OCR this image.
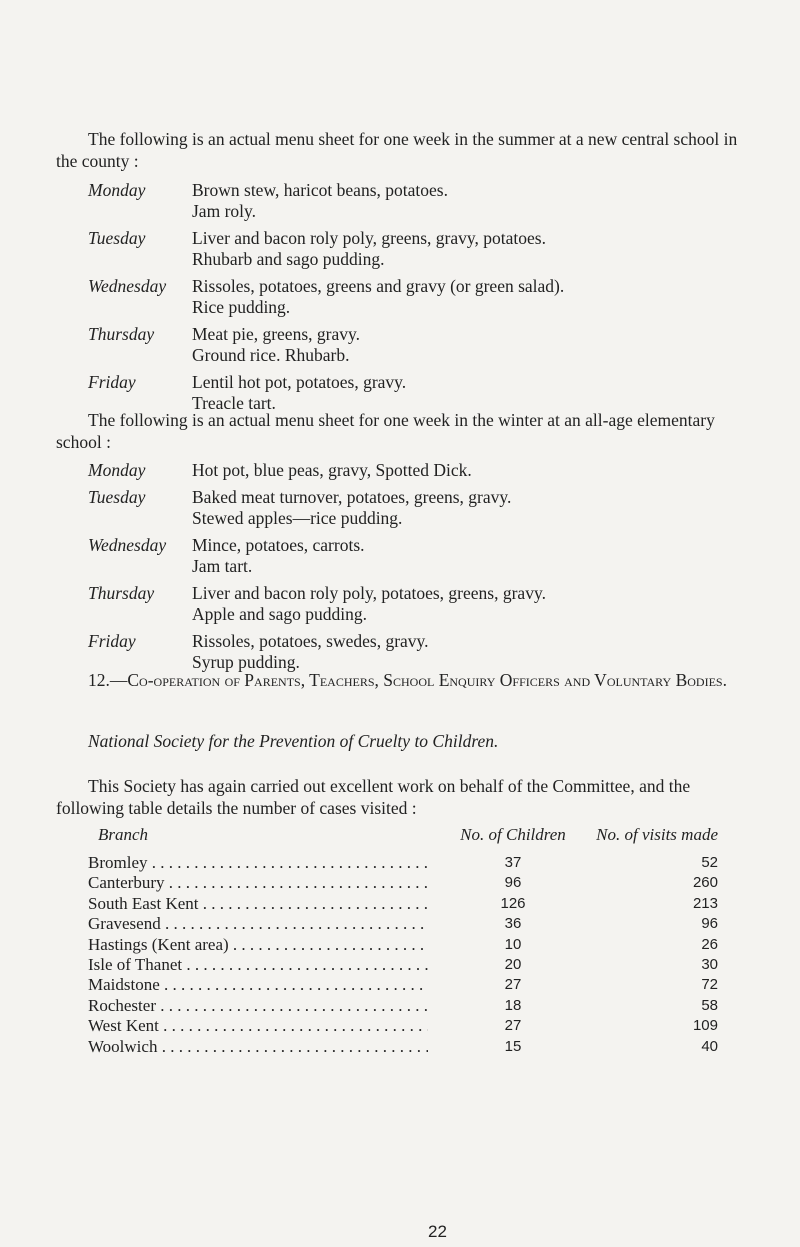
The following is an actual menu sheet for one week in the summer at a new central school in the county :

Monday	Brown stew, haricot beans, potatoes.
Jam roly.
Tuesday	Liver and bacon roly poly, greens, gravy, potatoes.
Rhubarb and sago pudding.
Wednesday	Rissoles, potatoes, greens and gravy (or green salad).
Rice pudding.
Thursday	Meat pie, greens, gravy.
Ground rice. Rhubarb.
Friday	Lentil hot pot, potatoes, gravy.
Treacle tart.

The following is an actual menu sheet for one week in the winter at an all-age elementary school :

Monday	Hot pot, blue peas, gravy, Spotted Dick.
Tuesday	Baked meat turnover, potatoes, greens, gravy.
Stewed apples—rice pudding.
Wednesday	Mince, potatoes, carrots.
Jam tart.
Thursday	Liver and bacon roly poly, potatoes, greens, gravy.
Apple and sago pudding.
Friday	Rissoles, potatoes, swedes, gravy.
Syrup pudding.

12.—Co-operation of Parents, Teachers, School Enquiry Officers and Voluntary Bodies.

National Society for the Prevention of Cruelty to Children.

This Society has again carried out excellent work on behalf of the Committee, and the following table details the number of cases visited :

Branch	No. of Children	No. of visits made

Bromley . . .	37	52

Canterbury . . .	96	260

South East Kent . . .	126	213

Gravesend . . .	36	96

Hastings (Kent area) . . .	10	26

Isle of Thanet . . .	20	30

Maidstone . . .	27	72

Rochester . . .	18	58

West Kent . . .	27	109

Woolwich . . .	15	40
22
